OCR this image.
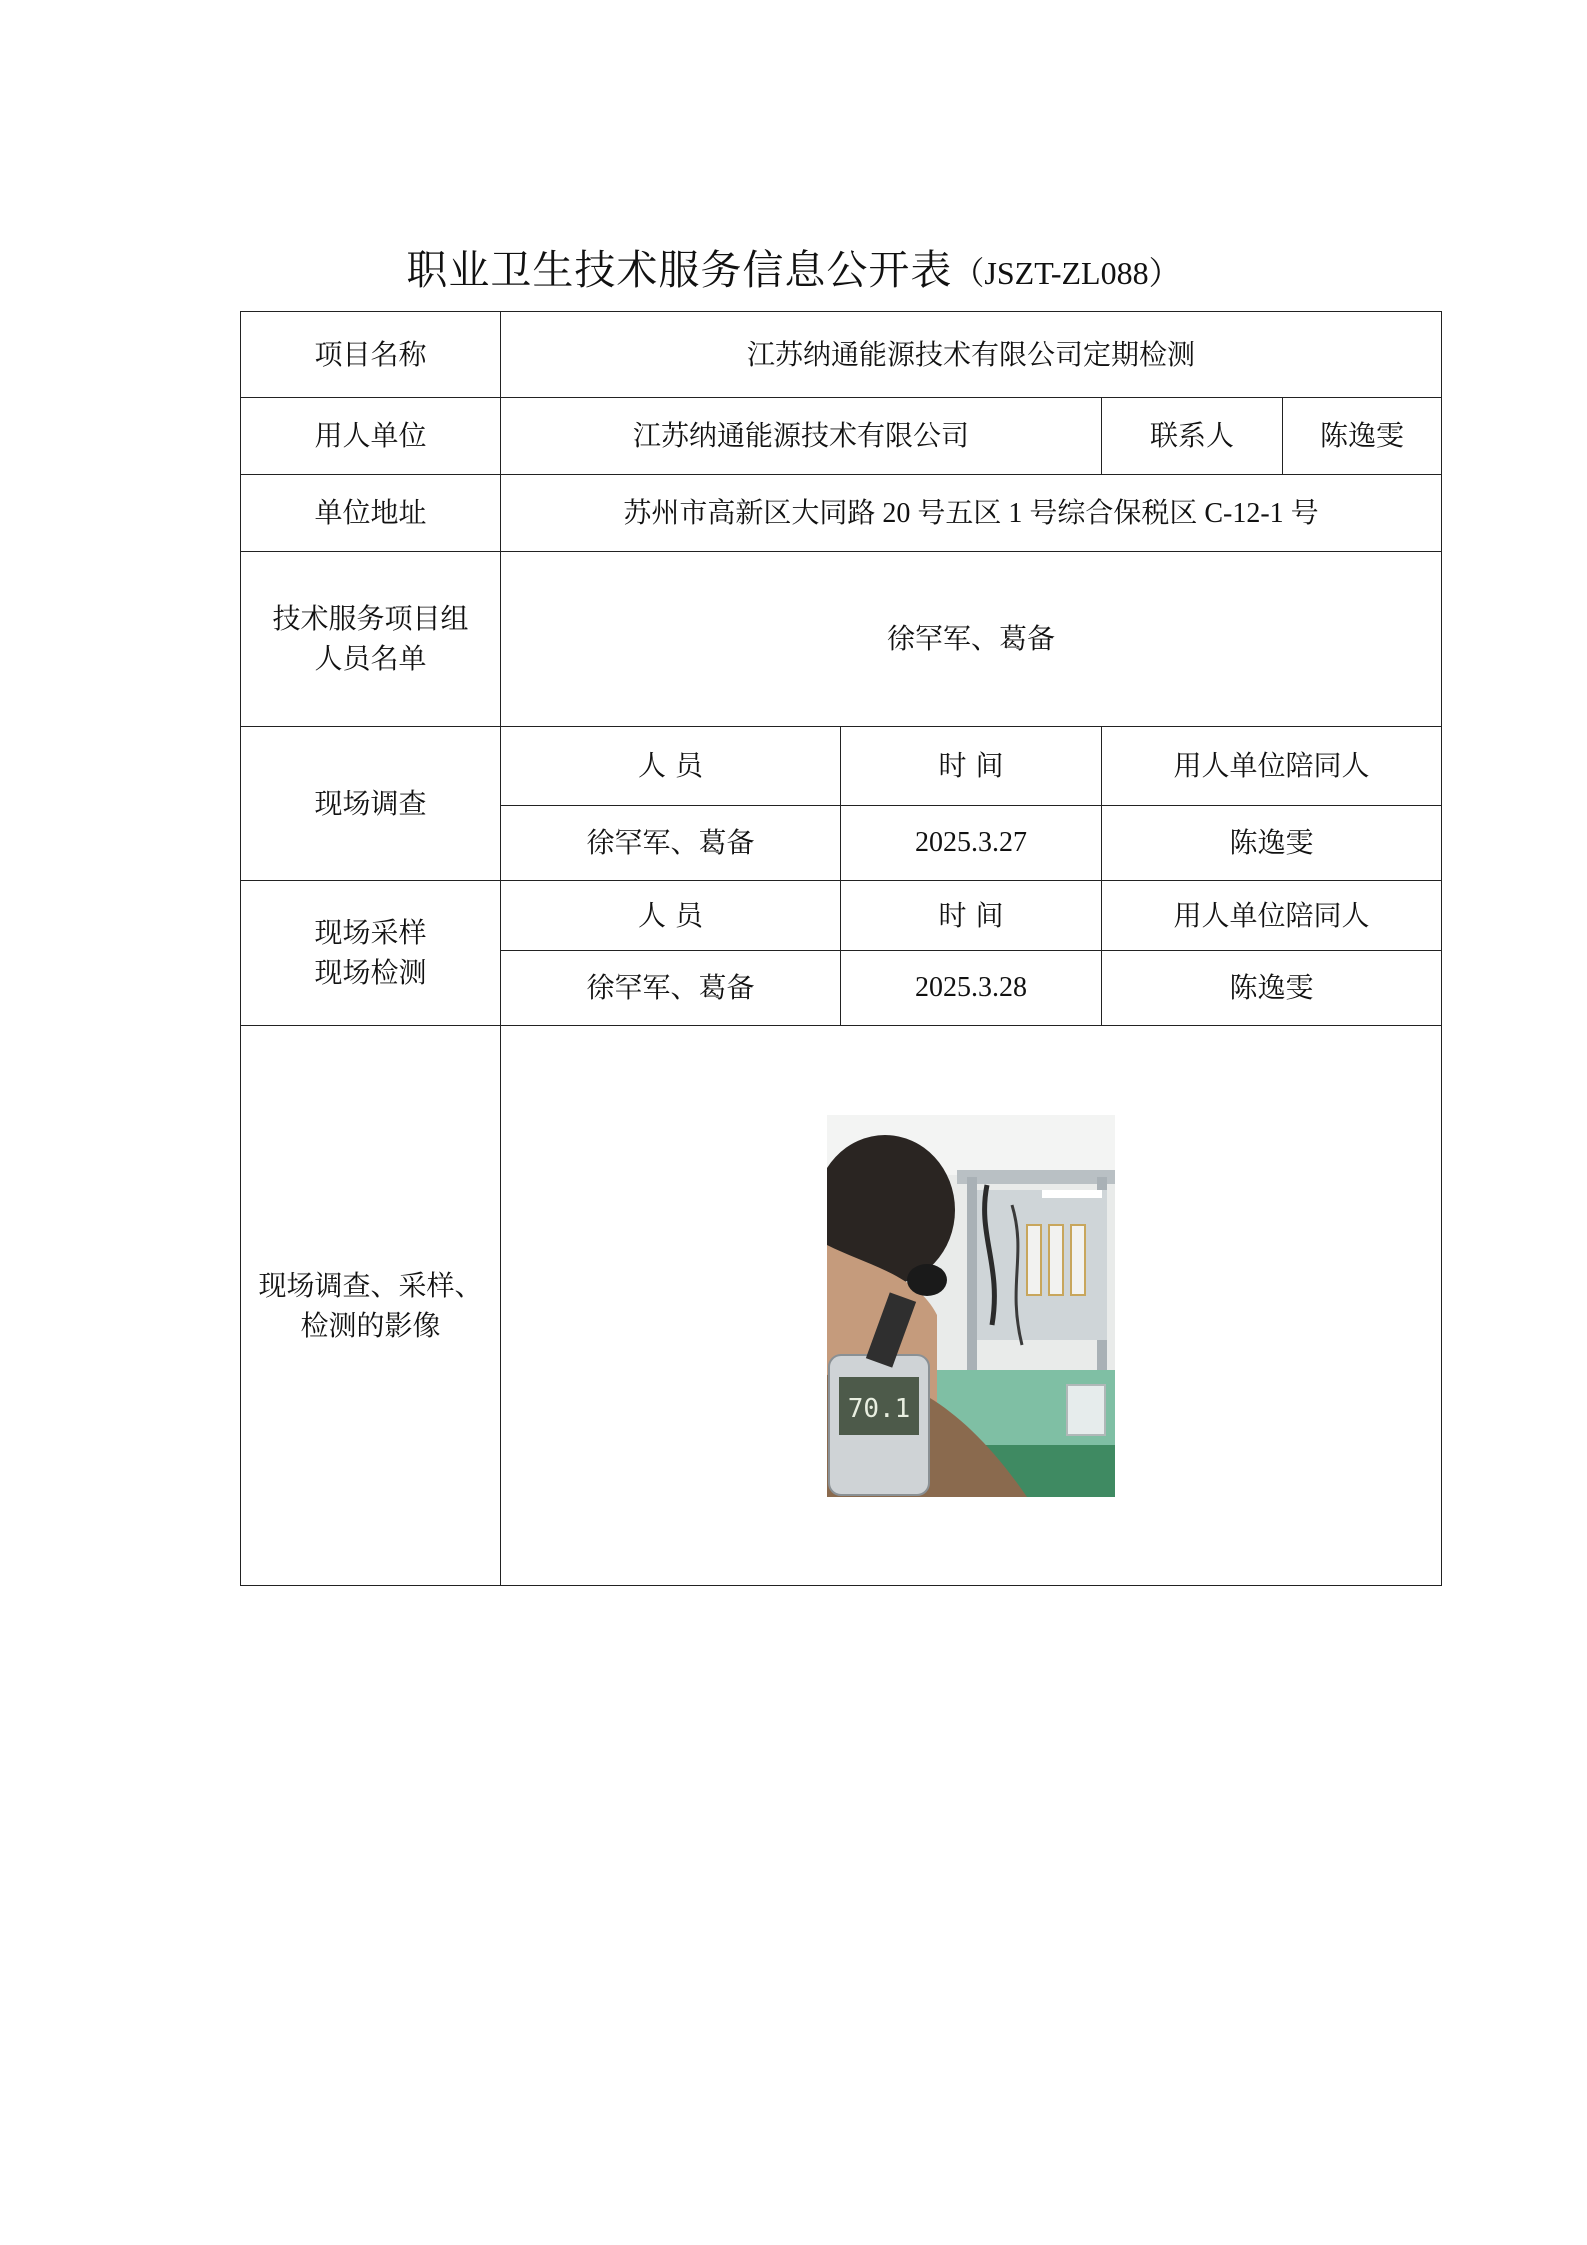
职业卫生技术服务信息公开表（JSZT-ZL088）
项目名称	江苏纳通能源技术有限公司定期检测			
用人单位	江苏纳通能源技术有限公司		联系人	陈逸雯
单位地址	苏州市高新区大同路 20 号五区 1 号综合保税区 C-12-1 号			
技术服务项目组
人员名单	徐罕军、葛备			
现场调查	人 员	时 间	用人单位陪同人	
	徐罕军、葛备	2025.3.27	陈逸雯	
现场采样
现场检测	人 员	时 间	用人单位陪同人	
	徐罕军、葛备	2025.3.28	陈逸雯	
现场调查、采样、
检测的影像	70.1			
